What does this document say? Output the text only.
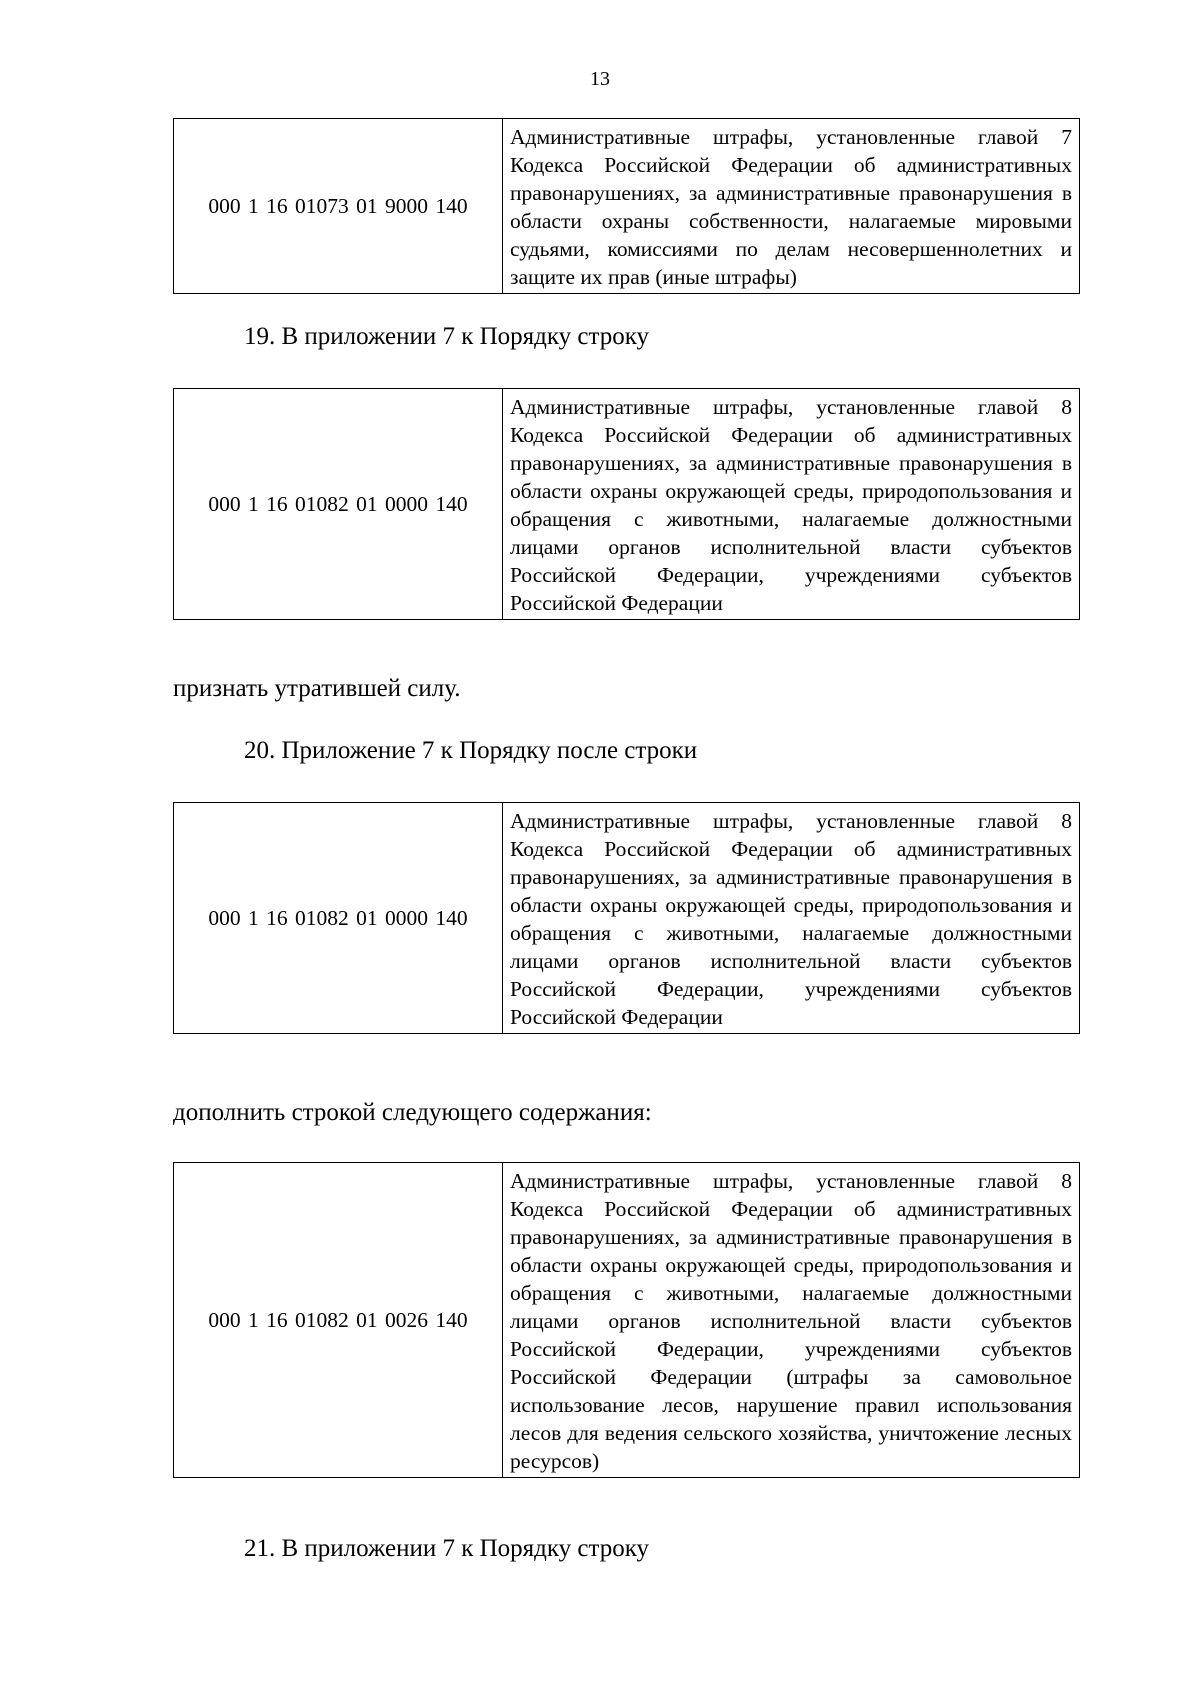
13
000 1 16 01073 01 9000 140	Административные штрафы, установленные главой 7 Кодекса Российской Федерации об административных правонарушениях, за административные правонарушения в области охраны собственности, налагаемые мировыми судьями, комиссиями по делам несовершеннолетних и защите их прав (иные штрафы)
19. В приложении 7 к Порядку строку
000 1 16 01082 01 0000 140	Административные штрафы, установленные главой 8 Кодекса Российской Федерации об административных правонарушениях, за административные правонарушения в области охраны окружающей среды, природопользования и обращения с животными, налагаемые должностными лицами органов исполнительной власти субъектов Российской Федерации, учреждениями субъектов Российской Федерации
признать утратившей силу.
20. Приложение 7 к Порядку после строки
000 1 16 01082 01 0000 140	Административные штрафы, установленные главой 8 Кодекса Российской Федерации об административных правонарушениях, за административные правонарушения в области охраны окружающей среды, природопользования и обращения с животными, налагаемые должностными лицами органов исполнительной власти субъектов Российской Федерации, учреждениями субъектов Российской Федерации
дополнить строкой следующего содержания:
000 1 16 01082 01 0026 140	Административные штрафы, установленные главой 8 Кодекса Российской Федерации об административных правонарушениях, за административные правонарушения в области охраны окружающей среды, природопользования и обращения с животными, налагаемые должностными лицами органов исполнительной власти субъектов Российской Федерации, учреждениями субъектов Российской Федерации (штрафы за самовольное использование лесов, нарушение правил использования лесов для ведения сельского хозяйства, уничтожение лесных ресурсов)
21. В приложении 7 к Порядку строку
